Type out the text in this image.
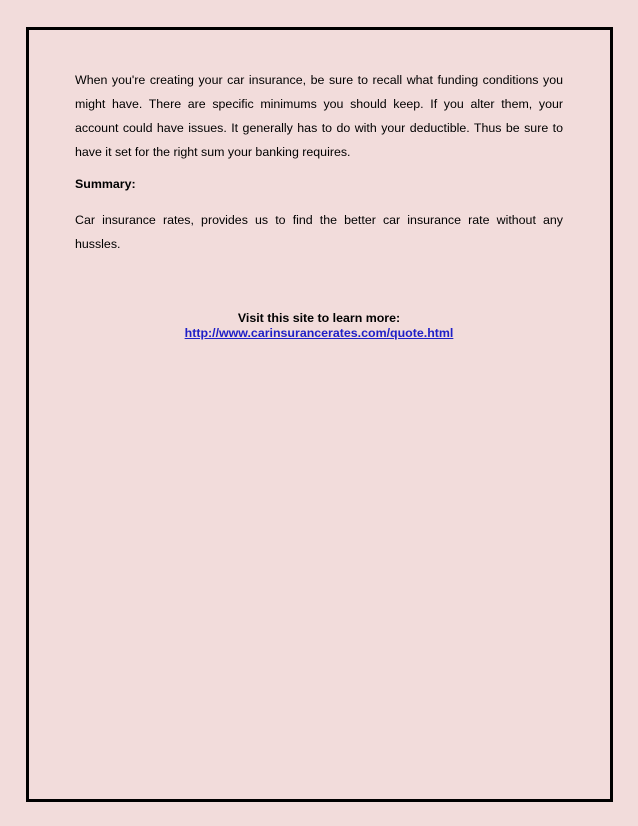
When you're creating your car insurance, be sure to recall what funding conditions you might have. There are specific minimums you should keep. If you alter them, your account could have issues. It generally has to do with your deductible. Thus be sure to have it set for the right sum your banking requires.

Summary:

Car insurance rates, provides us to find the better car insurance rate without any hussles.

Visit this site to learn more:
http://www.carinsurancerates.com/quote.html
